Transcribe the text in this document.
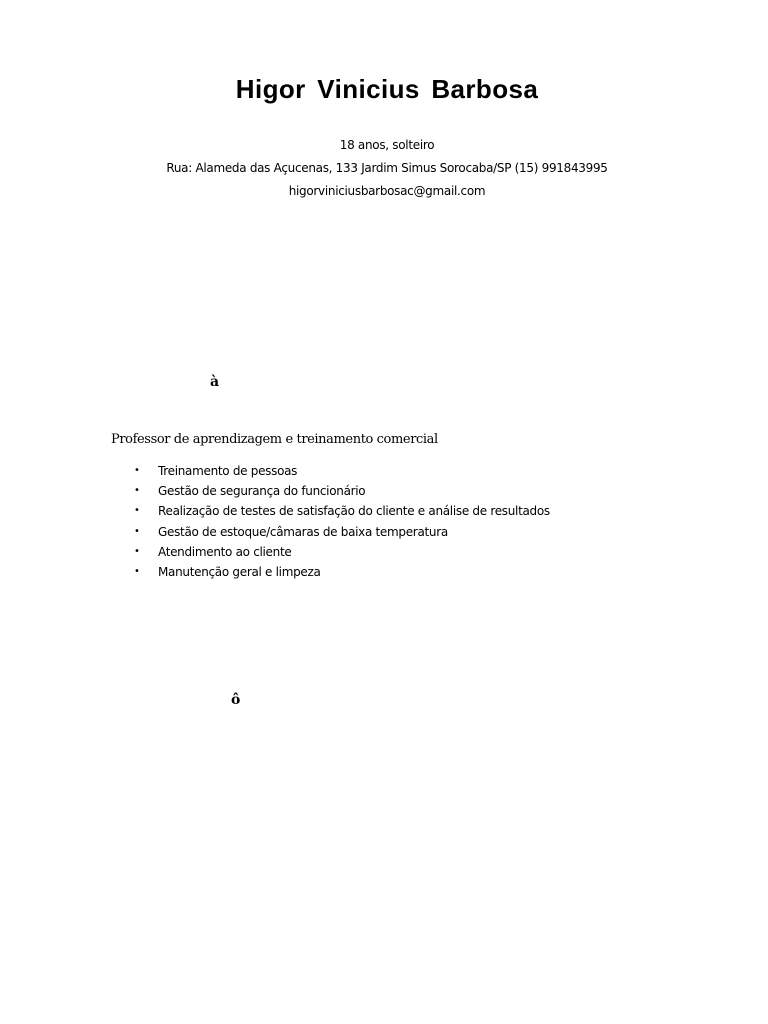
Higor Vinicius Barbosa

18 anos, solteiro

Rua: Alameda das Açucenas, 133 Jardim Simus Sorocaba/SP (15) 991843995

higorviniciusbarbosac@gmail.com

à

Professor de aprendizagem e treinamento comercial

• Treinamento de pessoas
• Gestão de segurança do funcionário
• Realização de testes de satisfação do cliente e análise de resultados
• Gestão de estoque/câmaras de baixa temperatura
• Atendimento ao cliente
• Manutenção geral e limpeza
ô
